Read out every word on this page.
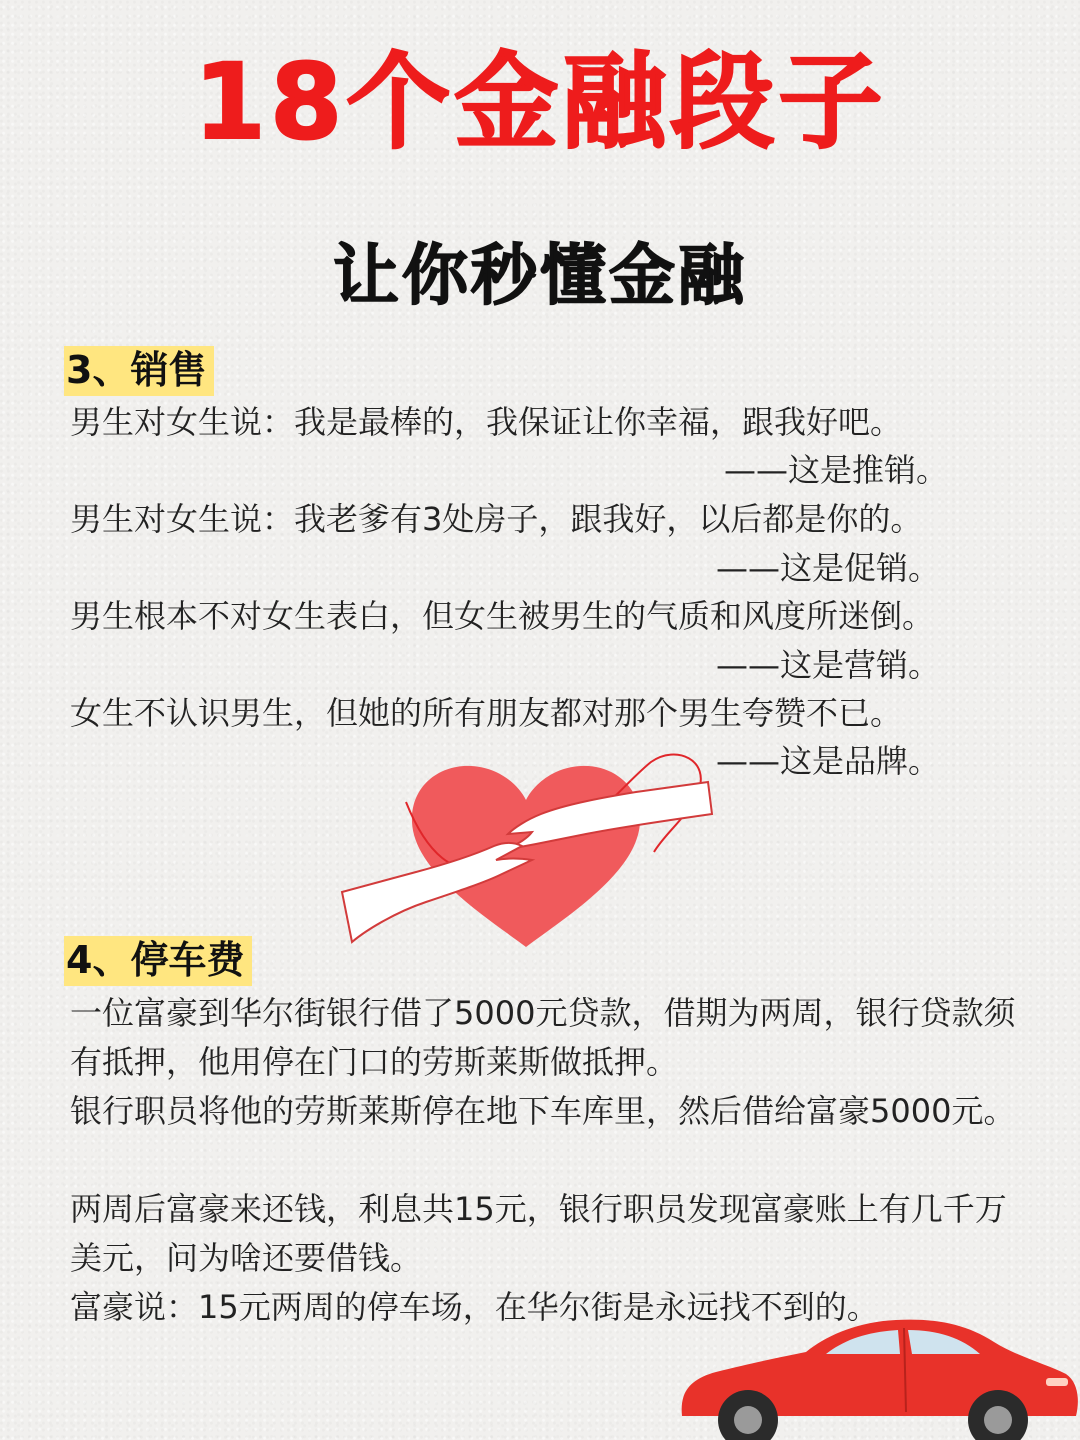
18个金融段子
让你秒懂金融
3、销售
男生对女生说：我是最棒的，我保证让你幸福，跟我好吧。
——这是推销。
男生对女生说：我老爹有3处房子，跟我好，以后都是你的。
——这是促销。
男生根本不对女生表白，但女生被男生的气质和风度所迷倒。
——这是营销。
女生不认识男生，但她的所有朋友都对那个男生夸赞不已。
——这是品牌。
4、停车费
一位富豪到华尔街银行借了5000元贷款，借期为两周，银行贷款须有抵押，他用停在门口的劳斯莱斯做抵押。
银行职员将他的劳斯莱斯停在地下车库里，然后借给富豪5000元。
两周后富豪来还钱，利息共15元，银行职员发现富豪账上有几千万美元，问为啥还要借钱。
富豪说：15元两周的停车场，在华尔街是永远找不到的。
